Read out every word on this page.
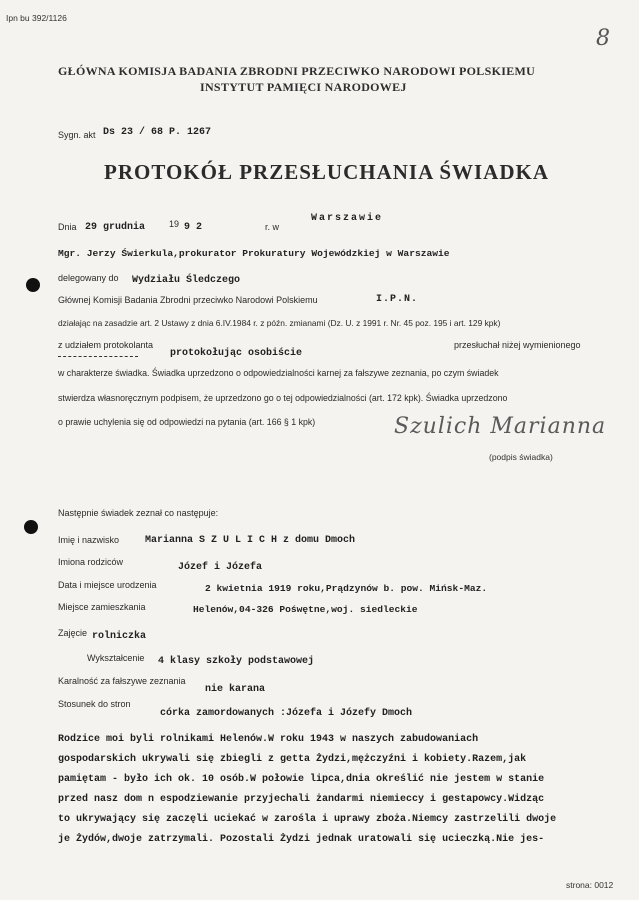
Ipn bu 392/1126
8
GŁÓWNA KOMISJA BADANIA ZBRODNI PRZECIWKO NARODOWI POLSKIEMU
INSTYTUT PAMIĘCI NARODOWEJ
Sygn. akt Ds 23 / 68 P. 1267
PROTOKÓŁ PRZESŁUCHANIA ŚWIADKA
Dnia 29 grudnia	19 9 2	r. w
Warszawie
Mgr. Jerzy Świerkula,prokurator Prokuratury Wojewódzkiej w Warszawie
delegowany do Wydziału Śledczego
Głównej Komisji Badania Zbrodni przeciwko Narodowi Polskiemu	I.P.N.
działając na zasadzie art. 2 Ustawy z dnia 6.IV.1984 r. z późn. zmianami (Dz. U. z 1991 r. Nr. 45 poz. 195 i art. 129 kpk)
z udziałem protokolanta
protokołując osobiście
przesłuchał niżej wymienionego
w charakterze świadka. Świadka uprzedzono o odpowiedzialności karnej za fałszywe zeznania, po czym świadek
stwierdza własnoręcznym podpisem, że uprzedzono go o tej odpowiedzialności (art. 172 kpk). Świadka uprzedzono
o prawie uchylenia się od odpowiedzi na pytania (art. 166 § 1 kpk)	Szulich Marianna
(podpis świadka)
Następnie świadek zeznał co następuje:
Imię i nazwisko	Marianna S Z U L I C H z domu Dmoch
Imiona rodziców	Józef i Józefa
Data i miejsce urodzenia	2 kwietnia 1919 roku,Prądzynów b. pow. Mińsk-Maz.
Miejsce zamieszkania	Helenów,04-326 Pośwętne,woj. siedleckie
Zajęcie rolniczka
Wykształcenie 4 klasy szkoły podstawowej
Karalność za fałszywe zeznania
nie karana
Stosunek do stron
córka zamordowanych :Józefa i Józefy Dmoch
Rodzice moi byli rolnikami Helenów.W roku 1943 w naszych zabudowaniach
gospodarskich ukrywali się zbiegli z getta Żydzi,mężczyźni i kobiety.Razem,jak
pamiętam - było ich ok. 10 osób.W połowie lipca,dnia określić nie jestem w stanie
przed nasz dom n espodziewanie przyjechali żandarmi niemieccy i gestapowcy.Widząc
to ukrywający się zaczęli uciekać w zarośla i uprawy zboża.Niemcy zastrzelili dwoje
je Żydów,dwoje zatrzymali. Pozostali Żydzi jednak uratowali się ucieczką.Nie jes-
strona: 0012
